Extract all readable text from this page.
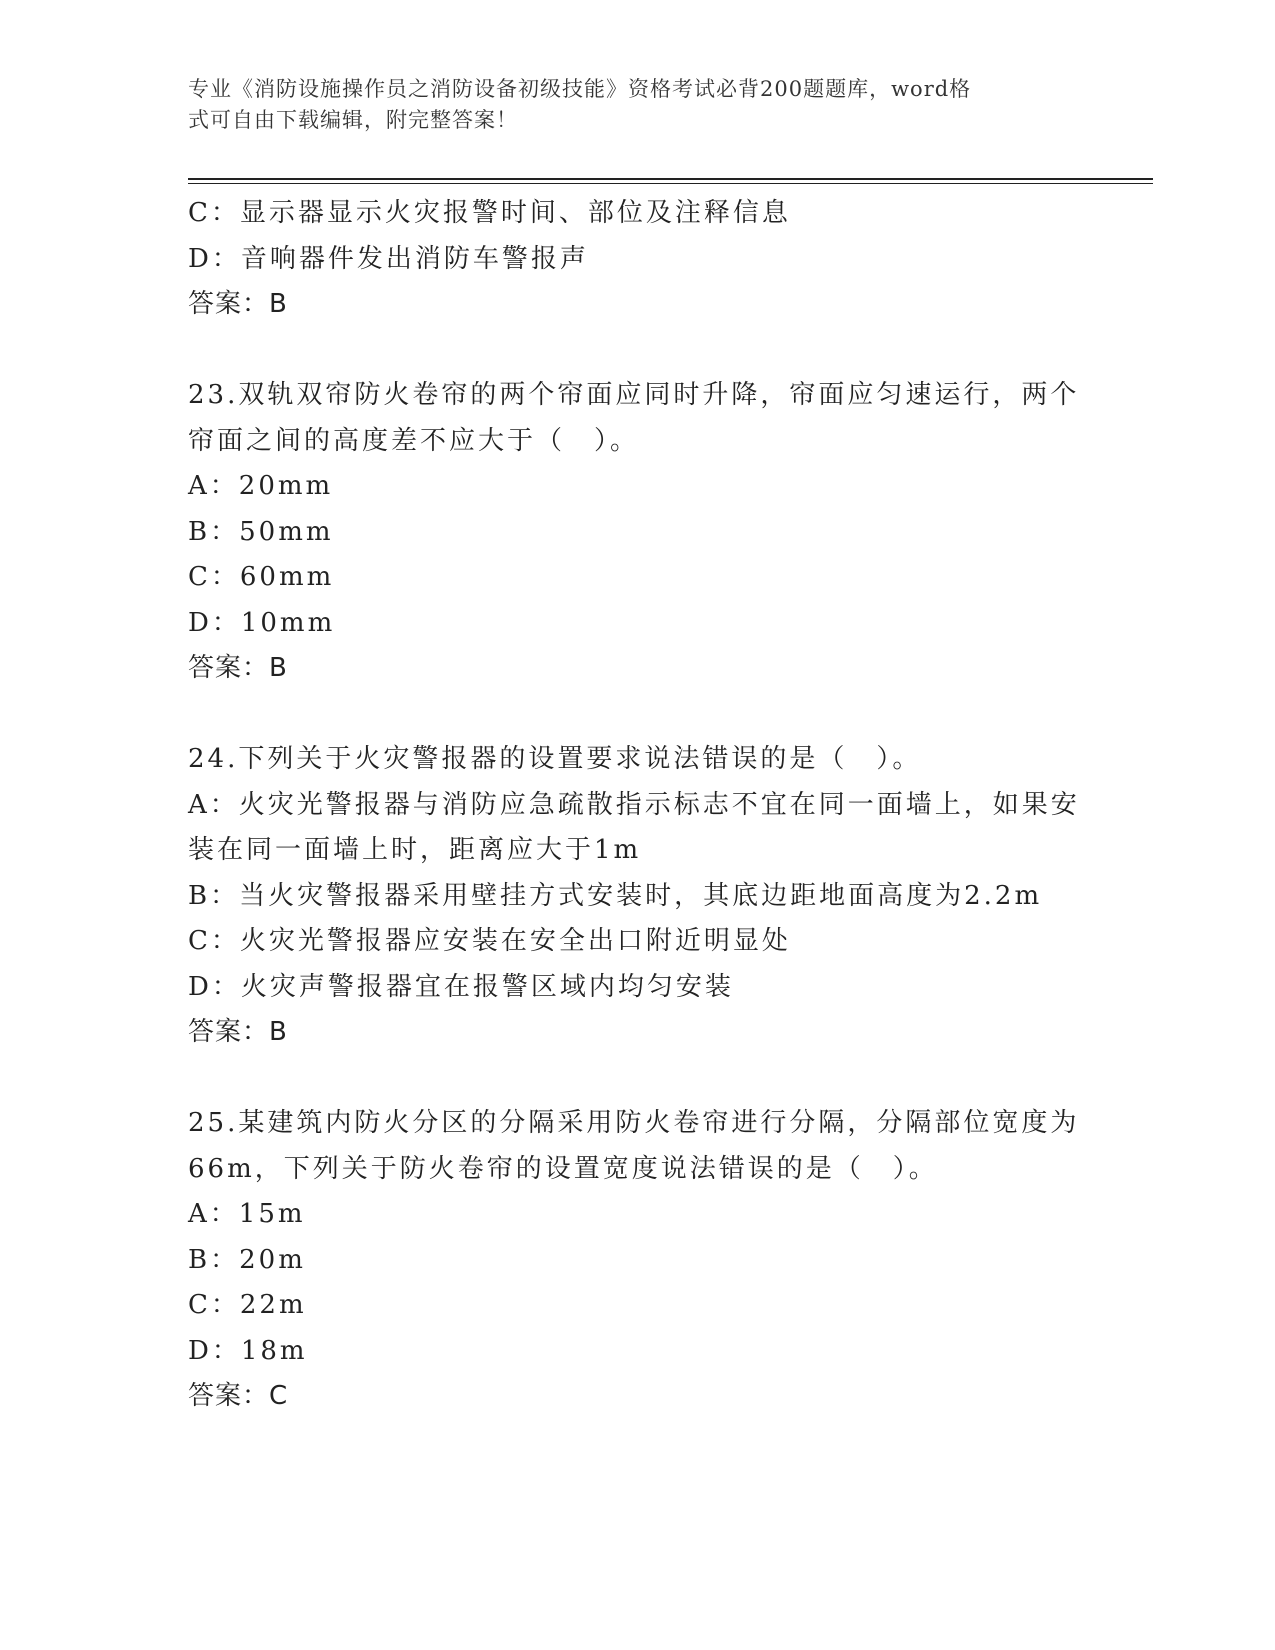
专业《消防设施操作员之消防设备初级技能》资格考试必背200题题库，word格
式可自由下载编辑，附完整答案！
C：显示器显示火灾报警时间、部位及注释信息
D：音响器件发出消防车警报声
答案：B
23.双轨双帘防火卷帘的两个帘面应同时升降，帘面应匀速运行，两个帘面之间的高度差不应大于（　）。
A：20mm
B：50mm
C：60mm
D：10mm
答案：B
24.下列关于火灾警报器的设置要求说法错误的是（　）。
A：火灾光警报器与消防应急疏散指示标志不宜在同一面墙上，如果安装在同一面墙上时，距离应大于1m
B：当火灾警报器采用壁挂方式安装时，其底边距地面高度为2.2m
C：火灾光警报器应安装在安全出口附近明显处
D：火灾声警报器宜在报警区域内均匀安装
答案：B
25.某建筑内防火分区的分隔采用防火卷帘进行分隔，分隔部位宽度为66m，下列关于防火卷帘的设置宽度说法错误的是（　）。
A：15m
B：20m
C：22m
D：18m
答案：C
